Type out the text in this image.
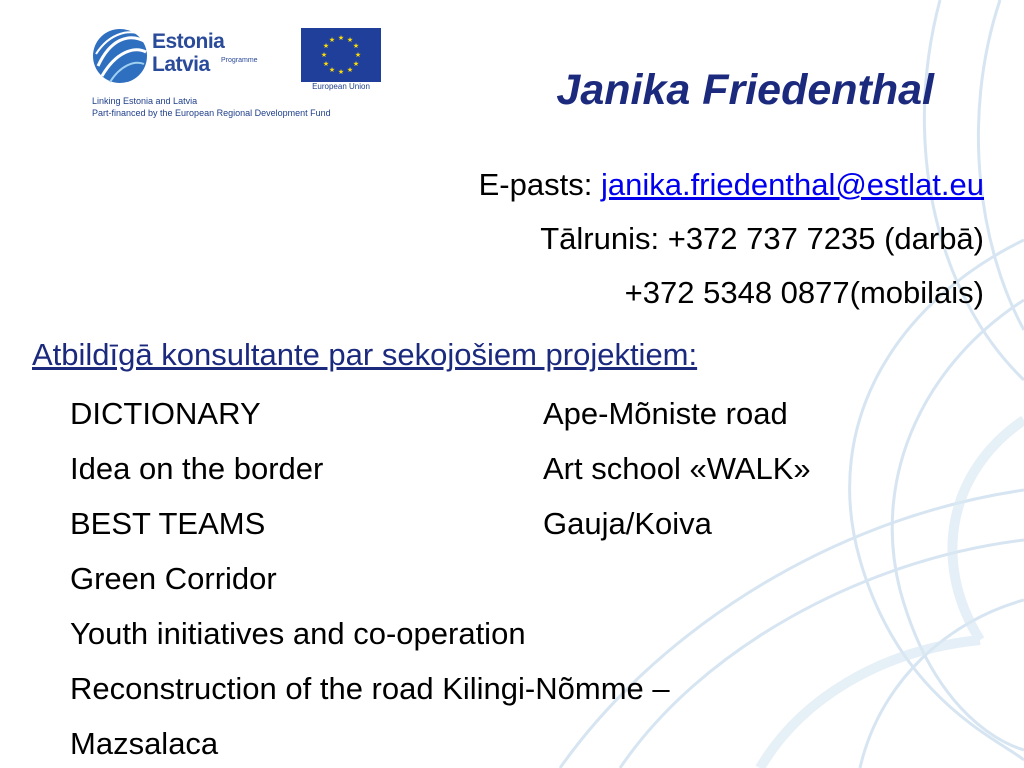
Estonia
Latvia Programme
Linking Estonia and Latvia
Part-financed by the European Regional Development Fund
★ ★
★
★
★
★
★
★
★
★
★
★
European Union	Janika Friedenthal
E-pasts: janika.friedenthal@estlat.eu
Tālrunis: +372 737 7235 (darbā)
+372 5348 0877(mobilais)
Atbildīgā konsultante par sekojošiem projektiem:
DICTIONARY
Idea on the border
BEST TEAMS
Green Corridor
Youth initiatives and co-operation
Reconstruction of the road Kilingi-Nõmme –
Mazsalaca
Ape-Mõniste road
Art school «WALK»
Gauja/Koiva
